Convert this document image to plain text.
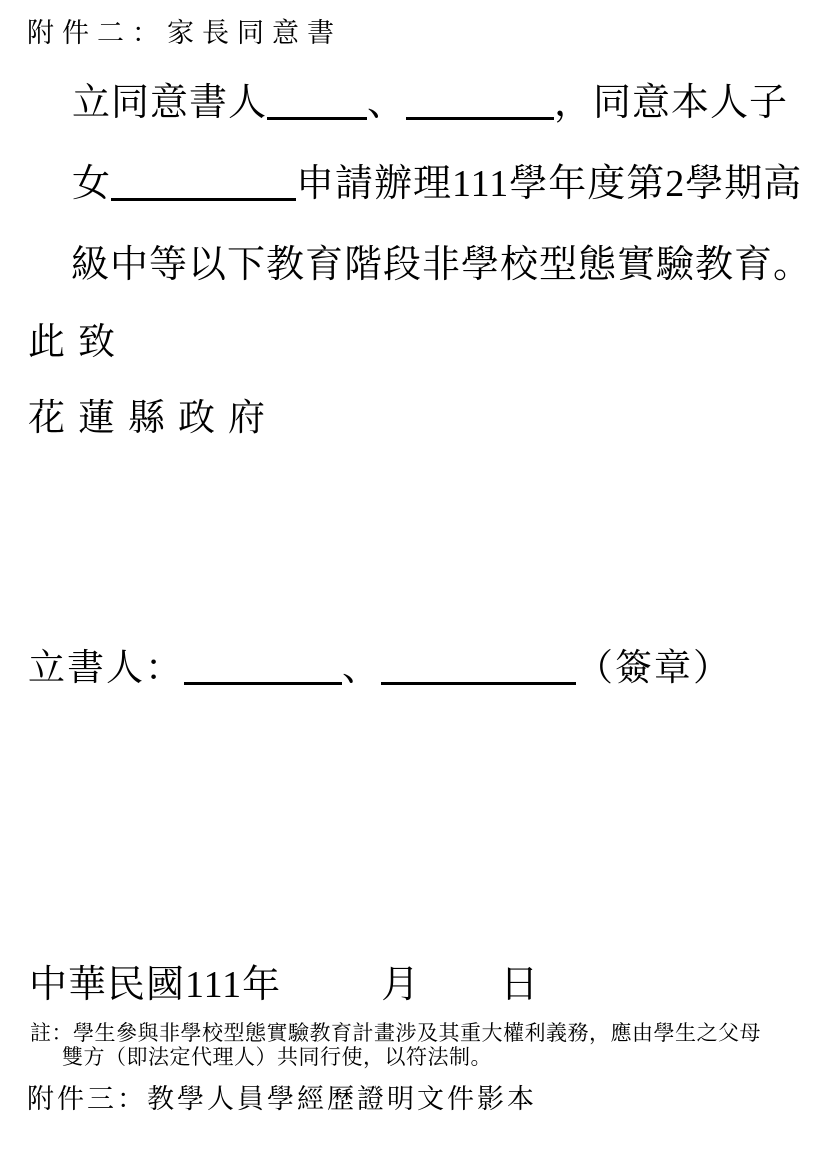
附件二：家長同意書
立同意書人	、	，同意本人子
女	申請辦理111學年度第2學期高
級中等以下教育階段非學校型態實驗教育。
此致
花蓮縣政府
立書人：	、	（簽章）
中華民國111年	月 日
註：學生參與非學校型態實驗教育計畫涉及其重大權利義務，應由學生之父母
雙方（即法定代理人）共同行使，以符法制。
附件三：教學人員學經歷證明文件影本
